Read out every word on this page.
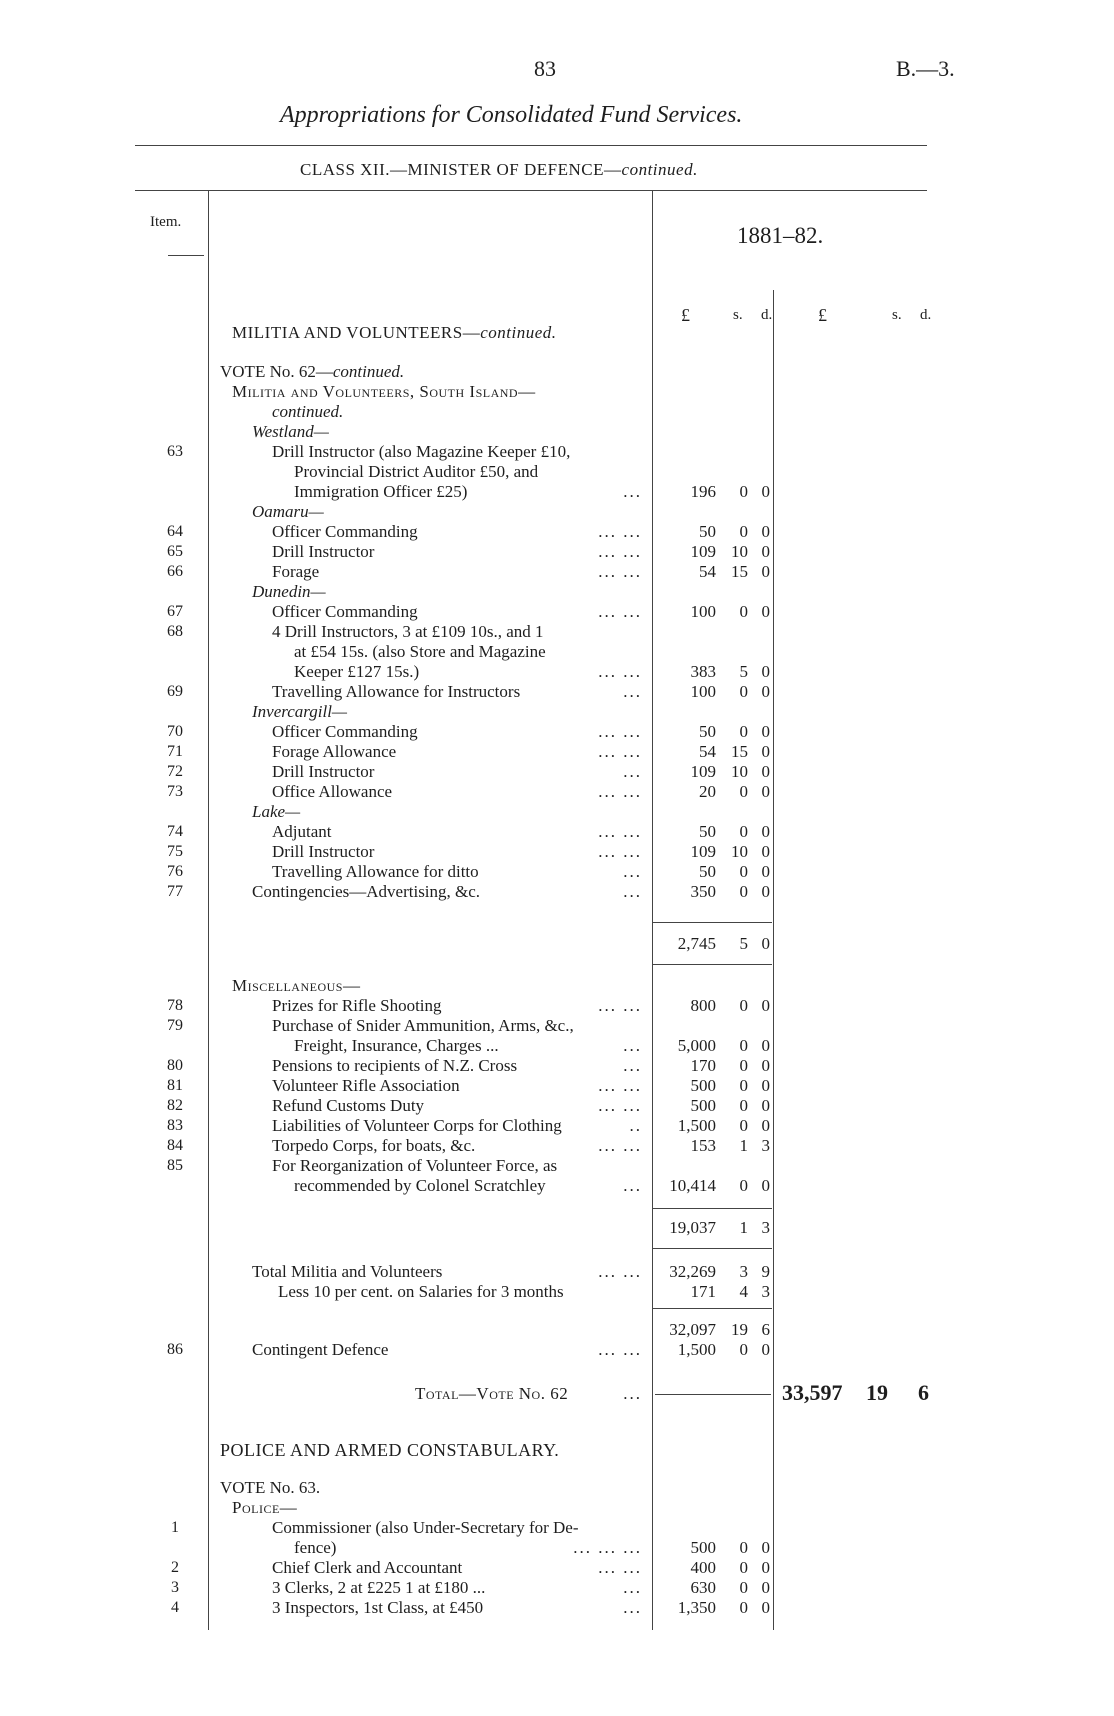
83	B.—3.
Appropriations for Consolidated Fund Services.
CLASS XII.—MINISTER OF DEFENCE—continued.
Item.
1881–82.
£	s. d.	£	s. d.
MILITIA AND VOLUNTEERS—continued.
VOTE No. 62—continued.
Militia and Volunteers, South Island—
continued.
Westland—
63	Drill Instructor (also Magazine Keeper £10,
Provincial District Auditor £50, and
Immigration Officer £25)	...	196	0 0
Oamaru—
64	Officer Commanding	... ...	50	0 0
65	Drill Instructor	... ...	109 10 0
66	Forage	... ...	54 15 0
Dunedin—
67	Officer Commanding	... ...	100	0 0
68	4 Drill Instructors, 3 at £109 10s., and 1
at £54 15s. (also Store and Magazine
Keeper £127 15s.)	... ...	383	5 0
69	Travelling Allowance for Instructors	...	100	0 0
Invercargill—
70	Officer Commanding	... ...	50	0 0
71	Forage Allowance	... ...	54 15 0
72	Drill Instructor	...	109 10 0
73	Office Allowance	... ...	20	0 0
Lake—
74	Adjutant	... ...	50	0 0
75	Drill Instructor	... ...	109 10 0
76	Travelling Allowance for ditto	...	50	0 0
77	Contingencies—Advertising, &c.	...	350	0 0
2,745	5 0
Miscellaneous—
78	Prizes for Rifle Shooting	... ...	800	0 0
79	Purchase of Snider Ammunition, Arms, &c.,
Freight, Insurance, Charges ...	...	5,000	0 0
80	Pensions to recipients of N.Z. Cross	...	170	0 0
81	Volunteer Rifle Association	... ...	500	0 0
82	Refund Customs Duty	... ...	500	0 0
83	Liabilities of Volunteer Corps for Clothing	..	1,500	0 0
84	Torpedo Corps, for boats, &c.	... ...	153	1 3
85	For Reorganization of Volunteer Force, as
recommended by Colonel Scratchley	...	10,414	0 0
19,037	1 3
Total Militia and Volunteers	... ...	32,269	3 9
Less 10 per cent. on Salaries for 3 months	171	4 3
32,097 19 6
86	Contingent Defence	... ...	1,500	0 0
Total—Vote No. 62	...	33,597 19 6
POLICE AND ARMED CONSTABULARY.
VOTE No. 63.
Police—
1	Commissioner (also Under-Secretary for De-
fence)	... ... ...	500	0 0
2	Chief Clerk and Accountant	... ...	400	0 0
3	3 Clerks, 2 at £225 1 at £180 ...	...	630	0 0
4	3 Inspectors, 1st Class, at £450	...	1,350	0 0
